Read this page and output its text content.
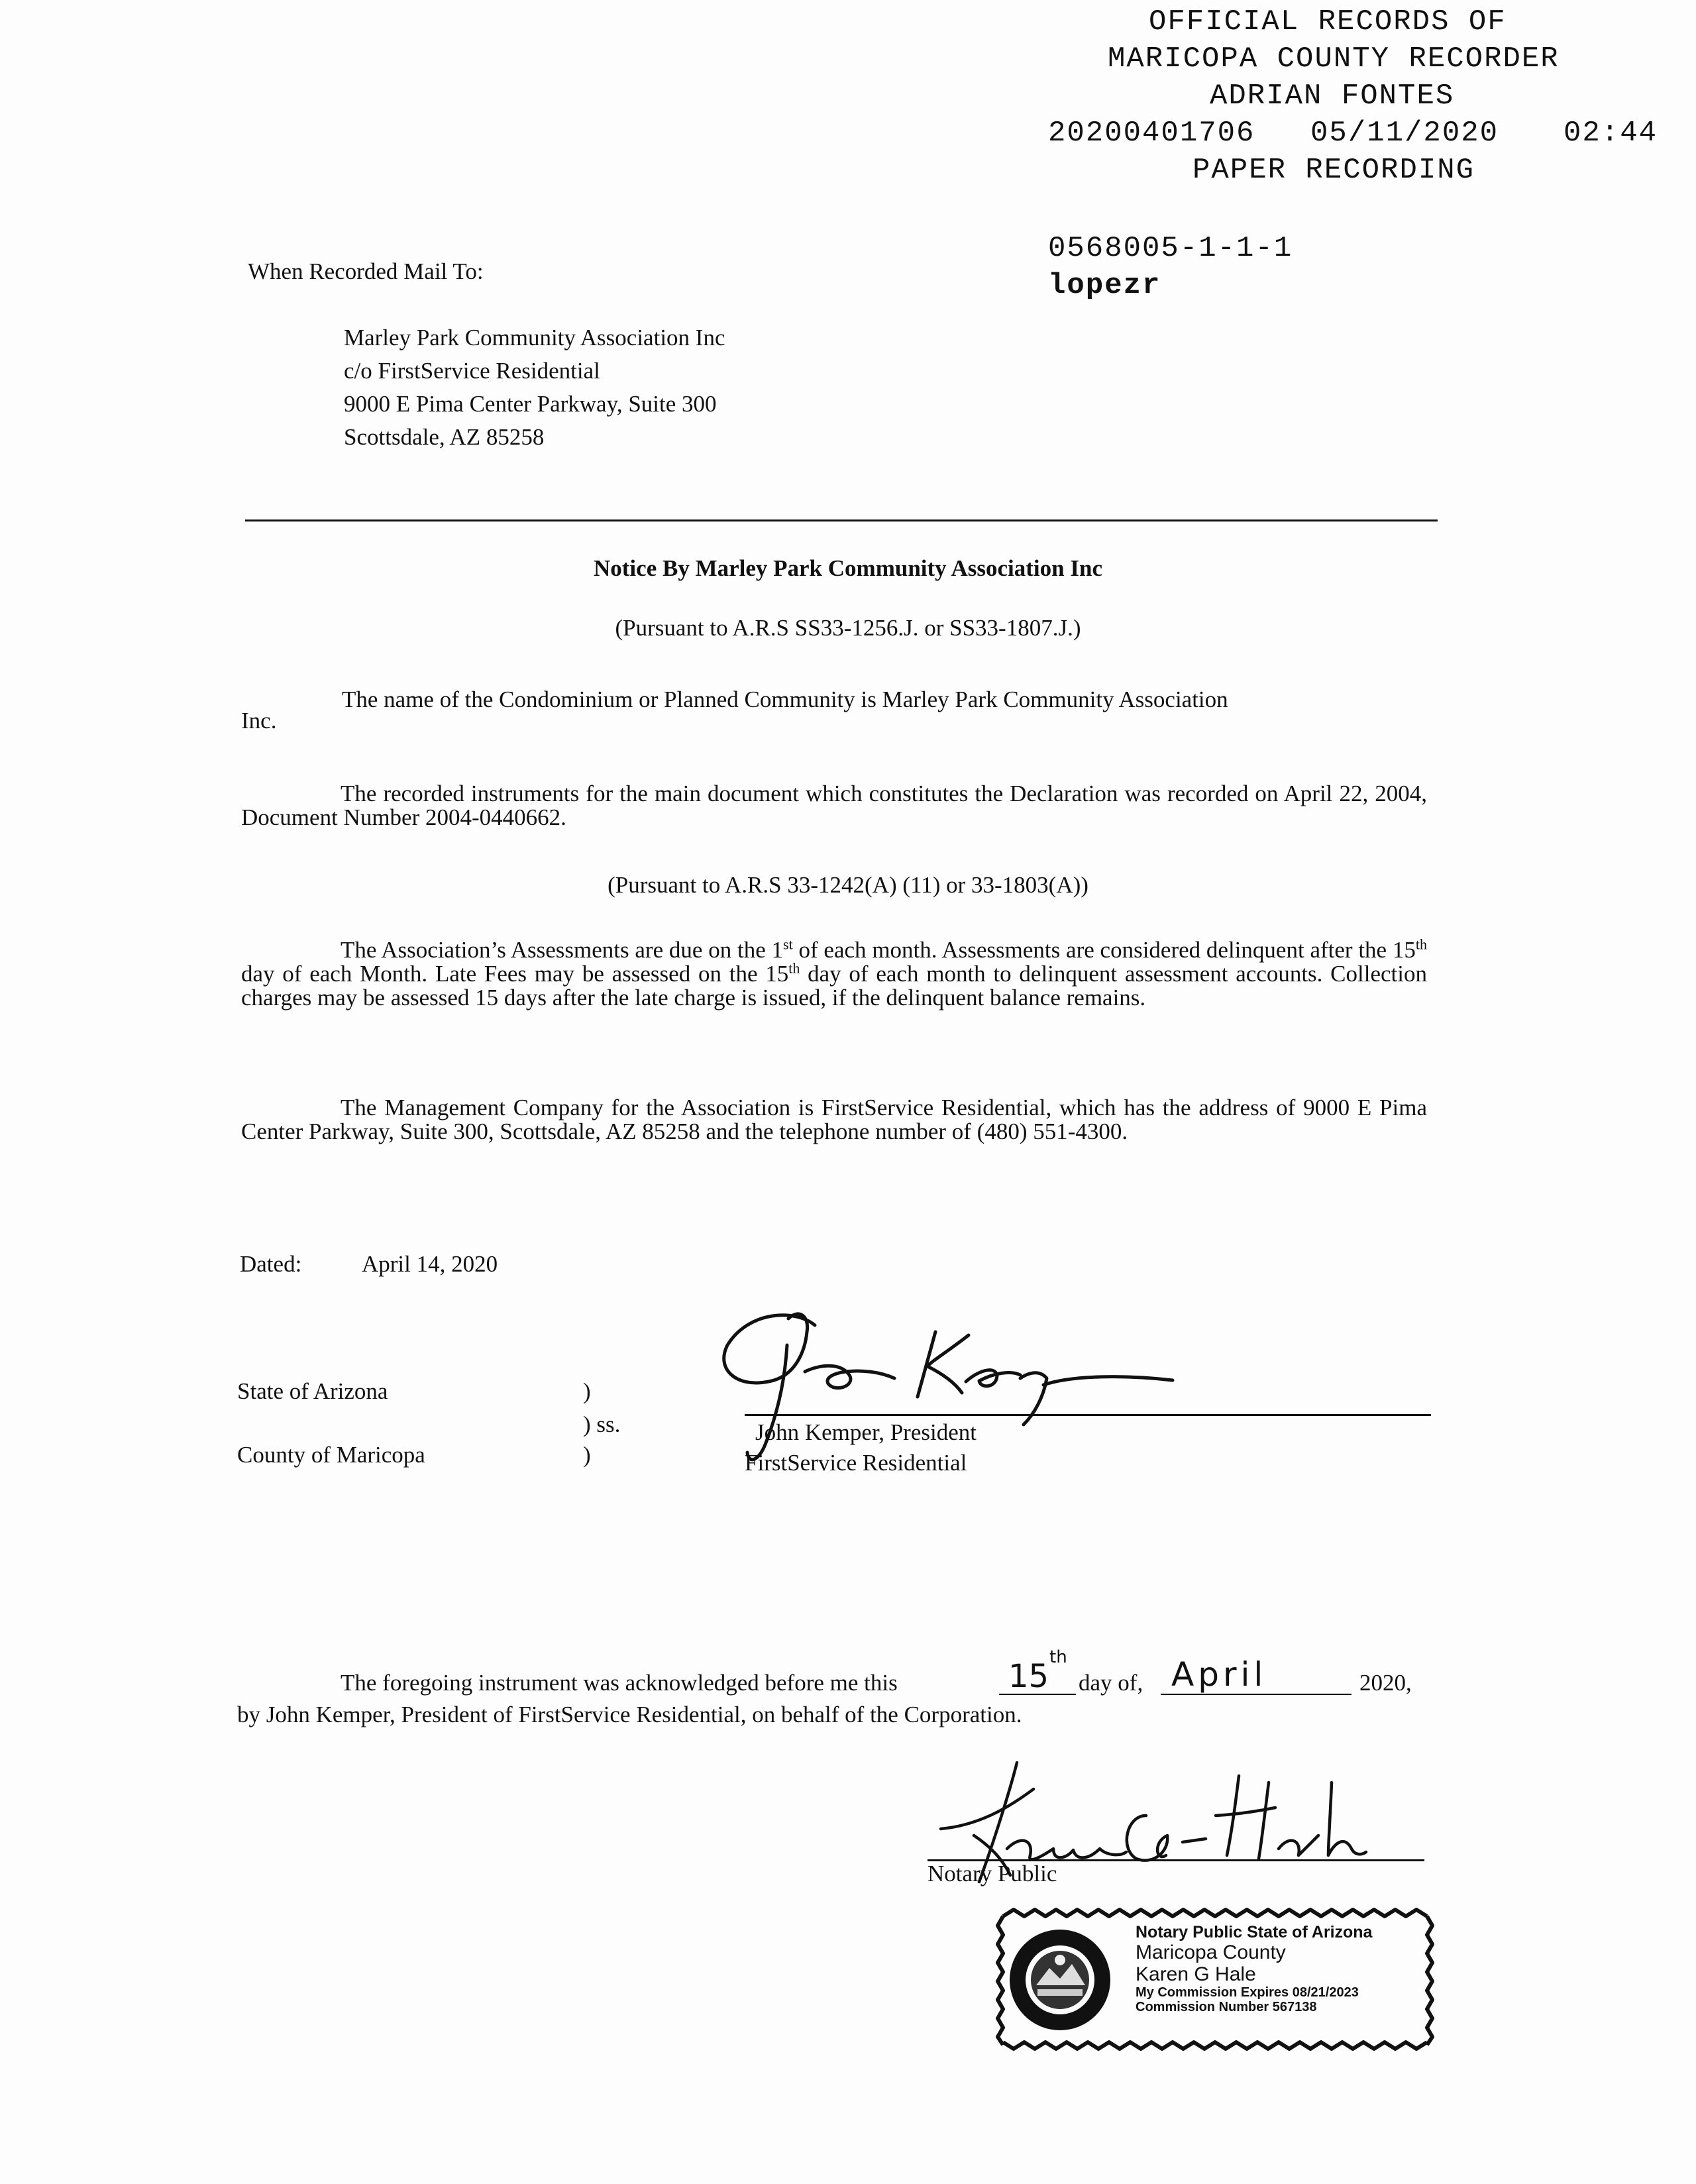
OFFICIAL RECORDS OF
MARICOPA COUNTY RECORDER
ADRIAN FONTES
20200401706 05/11/2020 02:44
PAPER RECORDING
0568005-1-1-1
lopezr
When Recorded Mail To:
Marley Park Community Association Inc
c/o FirstService Residential
9000 E Pima Center Parkway, Suite 300
Scottsdale, AZ 85258
Notice By Marley Park Community Association Inc
(Pursuant to A.R.S SS33-1256.J. or SS33-1807.J.)
The name of the Condominium or Planned Community is Marley Park Community Association
Inc.
The recorded instruments for the main document which constitutes the Declaration was recorded on April 22, 2004, Document Number 2004-0440662.
(Pursuant to A.R.S 33-1242(A) (11) or 33-1803(A))
The Association’s Assessments are due on the 1st of each month. Assessments are considered delinquent after the 15th day of each Month. Late Fees may be assessed on the 15th day of each month to delinquent assessment accounts. Collection charges may be assessed 15 days after the late charge is issued, if the delinquent balance remains.
The Management Company for the Association is FirstService Residential, which has the address of 9000 E Pima Center Parkway, Suite 300, Scottsdale, AZ 85258 and the telephone number of (480) 551-4300.
Dated:	April 14, 2020
State of Arizona	)
) ss.
County of Maricopa	)
John Kemper, President
FirstService Residential
The foregoing instrument was acknowledged before me this	15
th
day of, April	2020,
by John Kemper, President of FirstService Residential, on behalf of the Corporation.
Notary Public
Notary Public State of Arizona
Maricopa County
Karen G Hale
My Commission Expires 08/21/2023
Commission Number 567138
